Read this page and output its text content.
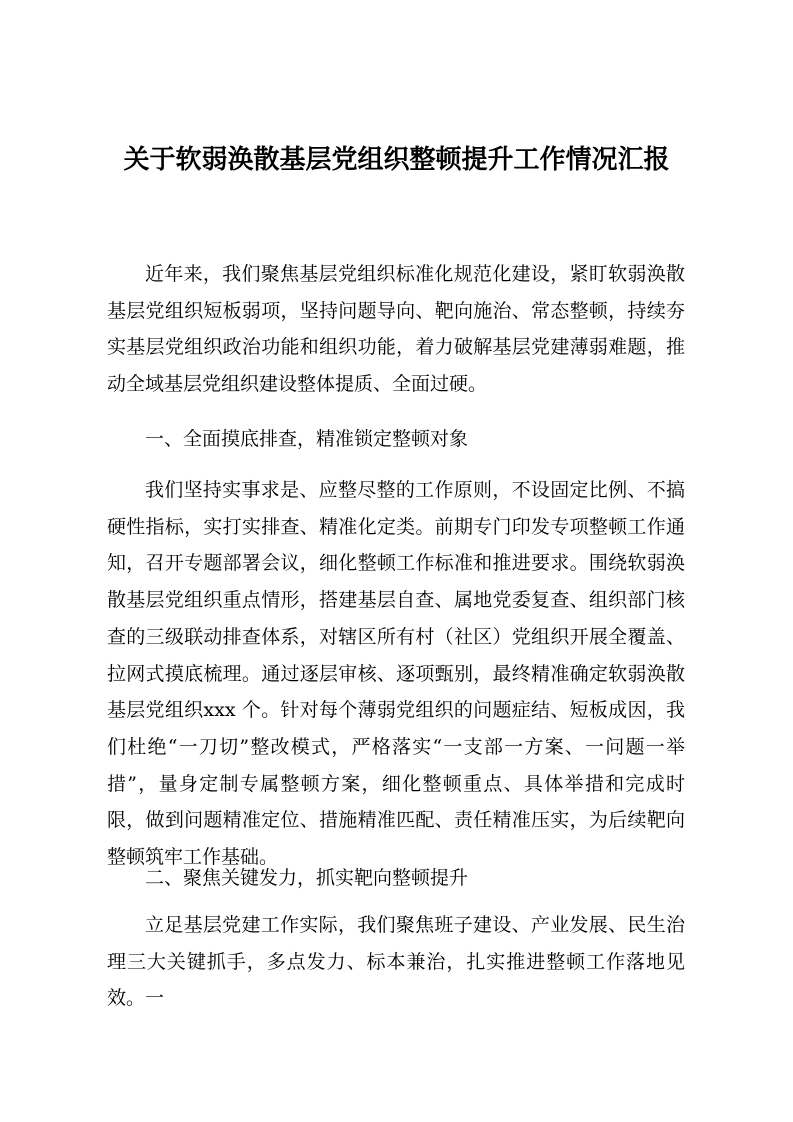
关于软弱涣散基层党组织整顿提升工作情况汇报

近年来，我们聚焦基层党组织标准化规范化建设，紧盯软弱涣散基层党组织短板弱项，坚持问题导向、靶向施治、常态整顿，持续夯实基层党组织政治功能和组织功能，着力破解基层党建薄弱难题，推动全域基层党组织建设整体提质、全面过硬。

一、全面摸底排查，精准锁定整顿对象

我们坚持实事求是、应整尽整的工作原则，不设固定比例、不搞硬性指标，实打实排查、精准化定类。前期专门印发专项整顿工作通知，召开专题部署会议，细化整顿工作标准和推进要求。围绕软弱涣散基层党组织重点情形，搭建基层自查、属地党委复查、组织部门核查的三级联动排查体系，对辖区所有村（社区）党组织开展全覆盖、拉网式摸底梳理。通过逐层审核、逐项甄别，最终精准确定软弱涣散基层党组织xxx 个。针对每个薄弱党组织的问题症结、短板成因，我们杜绝“一刀切”整改模式，严格落实“一支部一方案、一问题一举措”，量身定制专属整顿方案，细化整顿重点、具体举措和完成时限，做到问题精准定位、措施精准匹配、责任精准压实，为后续靶向整顿筑牢工作基础。

二、聚焦关键发力，抓实靶向整顿提升

立足基层党建工作实际，我们聚焦班子建设、产业发展、民生治理三大关键抓手，多点发力、标本兼治，扎实推进整顿工作落地见效。一
